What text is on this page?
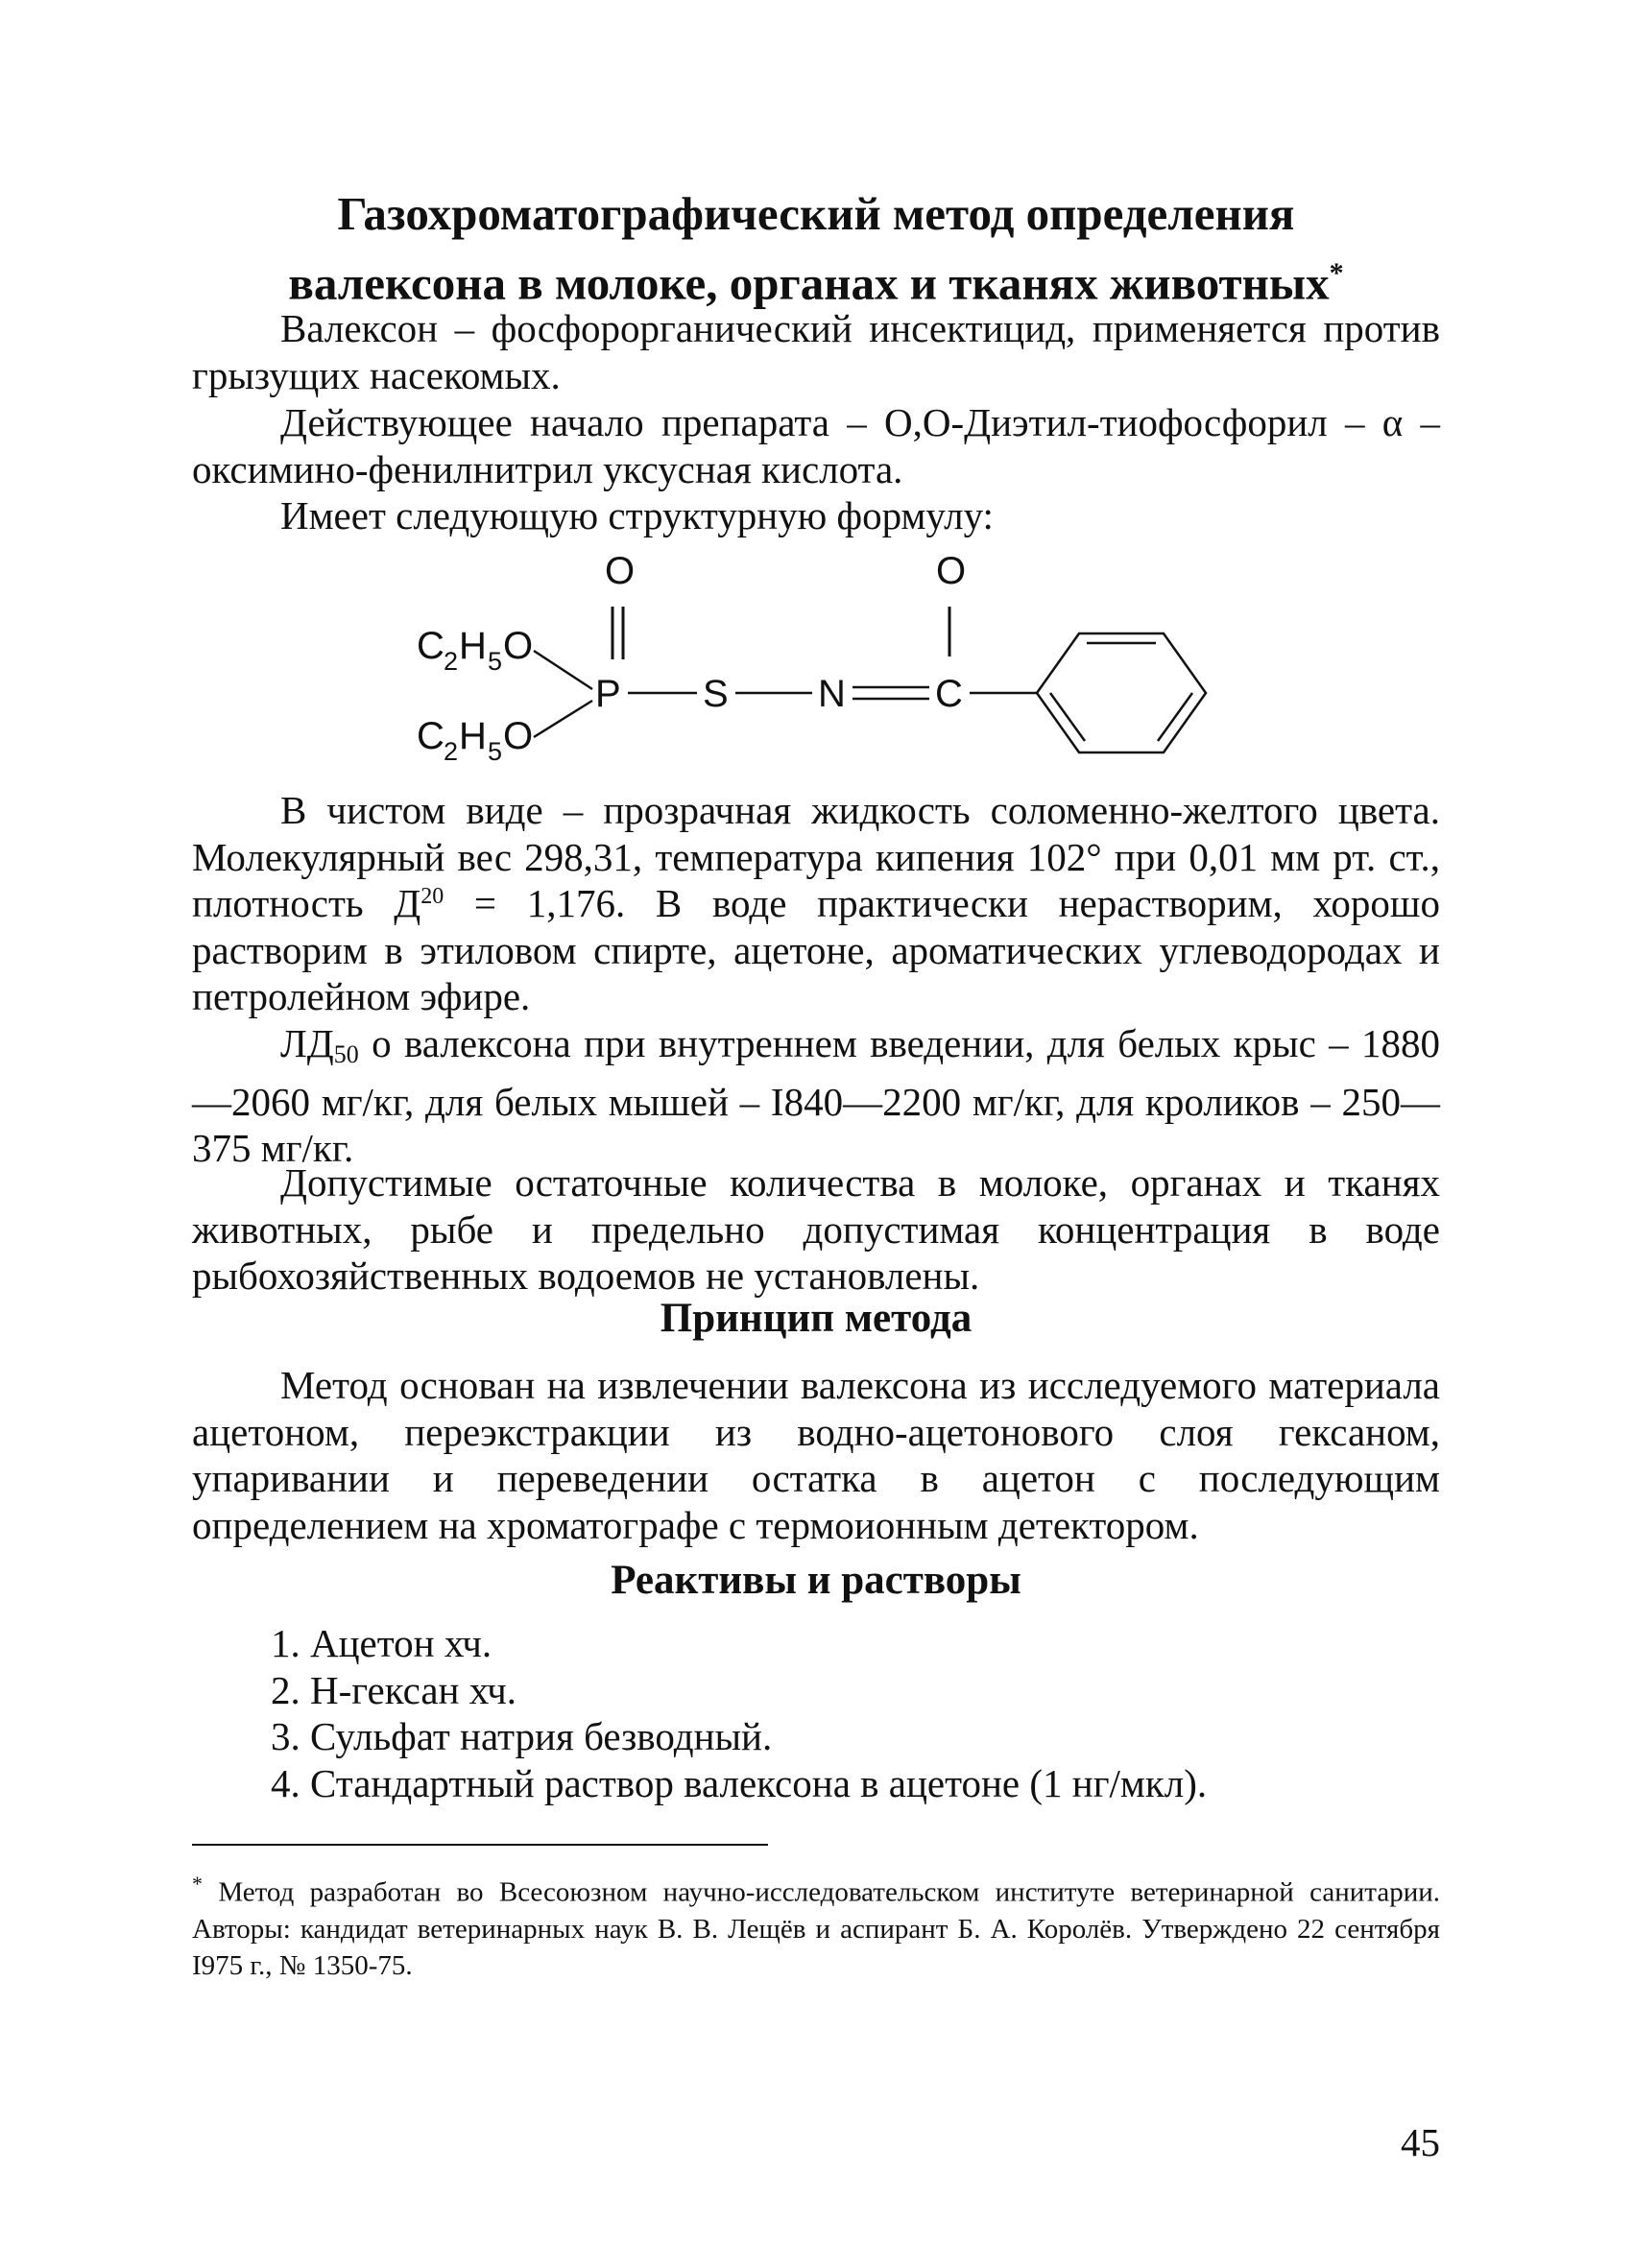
Газохроматографический метод определения
валексона в молоке, органах и тканях животных*

Валексон – фосфорорганический инсектицид, применяется против грызущих насекомых.

Действующее начало препарата – О,О-Диэтил-тиофосфорил – α – оксимино-фенилнитрил уксусная кислота.

Имеет следующую структурную формулу:

O	O
C 2 H 5 O
C 2 H 5 O
P S N C

В чистом виде – прозрачная жидкость соломенно-желтого цвета. Молекулярный вес 298,31, температура кипения 102° при 0,01 мм рт. ст., плотность $Д^{20} = 1,176$. В воде практически нерастворим, хорошо растворим в этиловом спирте, ацетоне, ароматических углеводородах и петролейном эфире.

$ЛД_{50}$ о валексона при внутреннем введении, для белых крыс – 1880—2060 мг/кг, для белых мышей – I840—2200 мг/кг, для кроликов – 250—375 мг/кг.

Допустимые остаточные количества в молоке, органах и тканях животных, рыбе и предельно допустимая концентрация в воде рыбохозяйственных водоемов не установлены.

Принцип метода

Метод основан на извлечении валексона из исследуемого материала ацетоном, переэкстракции из водно-ацетонового слоя гексаном, упаривании и переведении остатка в ацетон с последующим определением на хроматографе с термоионным детектором.

Реактивы и растворы
1. Ацетон хч.
2. Н-гексан хч.
3. Сульфат натрия безводный.
4. Стандартный раствор валексона в ацетоне (1 нг/мкл).

* Метод разработан во Всесоюзном научно-исследовательском институте ветеринарной санитарии. Авторы: кандидат ветеринарных наук В. В. Лещёв и аспирант Б. А. Королёв. Утверждено 22 сентября I975 г., № 1350-75.

45
